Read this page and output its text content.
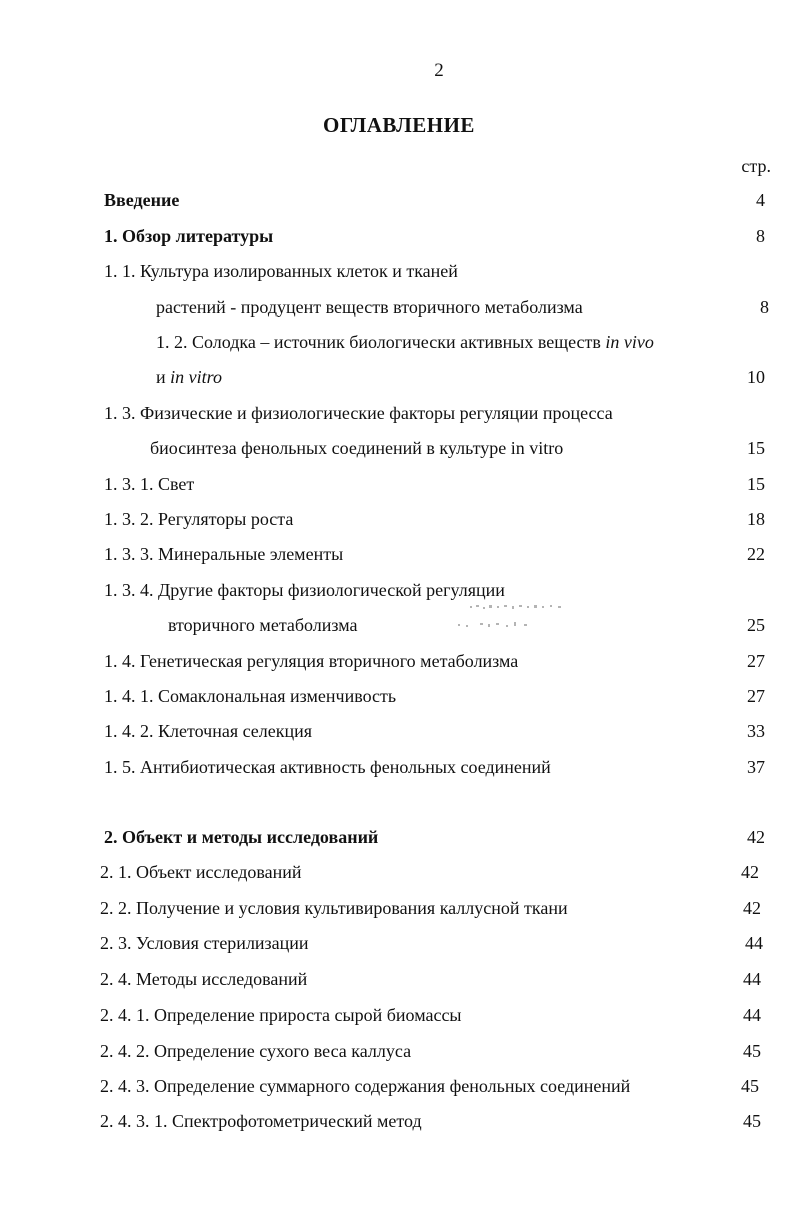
2
ОГЛАВЛЕНИЕ
стр.
Введение	4
1. Обзор литературы	8
1. 1. Культура изолированных клеток и тканей
растений - продуцент веществ вторичного метаболизма	8
1. 2. Солодка – источник биологически активных веществ in vivo
и in vitro	10
1. 3. Физические и физиологические факторы регуляции процесса
биосинтеза фенольных соединений в культуре in vitro	15
1. 3. 1. Свет	15
1. 3. 2. Регуляторы роста	18
1. 3. 3. Минеральные элементы	22
1. 3. 4. Другие факторы физиологической регуляции
вторичного метаболизма	25
1. 4. Генетическая регуляция вторичного метаболизма	27
1. 4. 1. Сомаклональная изменчивость	27
1. 4. 2. Клеточная селекция	33
1. 5. Антибиотическая активность фенольных соединений	37
2. Объект и методы исследований	42
2. 1. Объект исследований	42
2. 2. Получение и условия культивирования каллусной ткани	42
2. 3. Условия стерилизации	44
2. 4. Методы исследований	44
2. 4. 1. Определение прироста сырой биомассы	44
2. 4. 2. Определение сухого веса каллуса	45
2. 4. 3. Определение суммарного содержания фенольных соединений	45
2. 4. 3. 1. Спектрофотометрический метод	45
